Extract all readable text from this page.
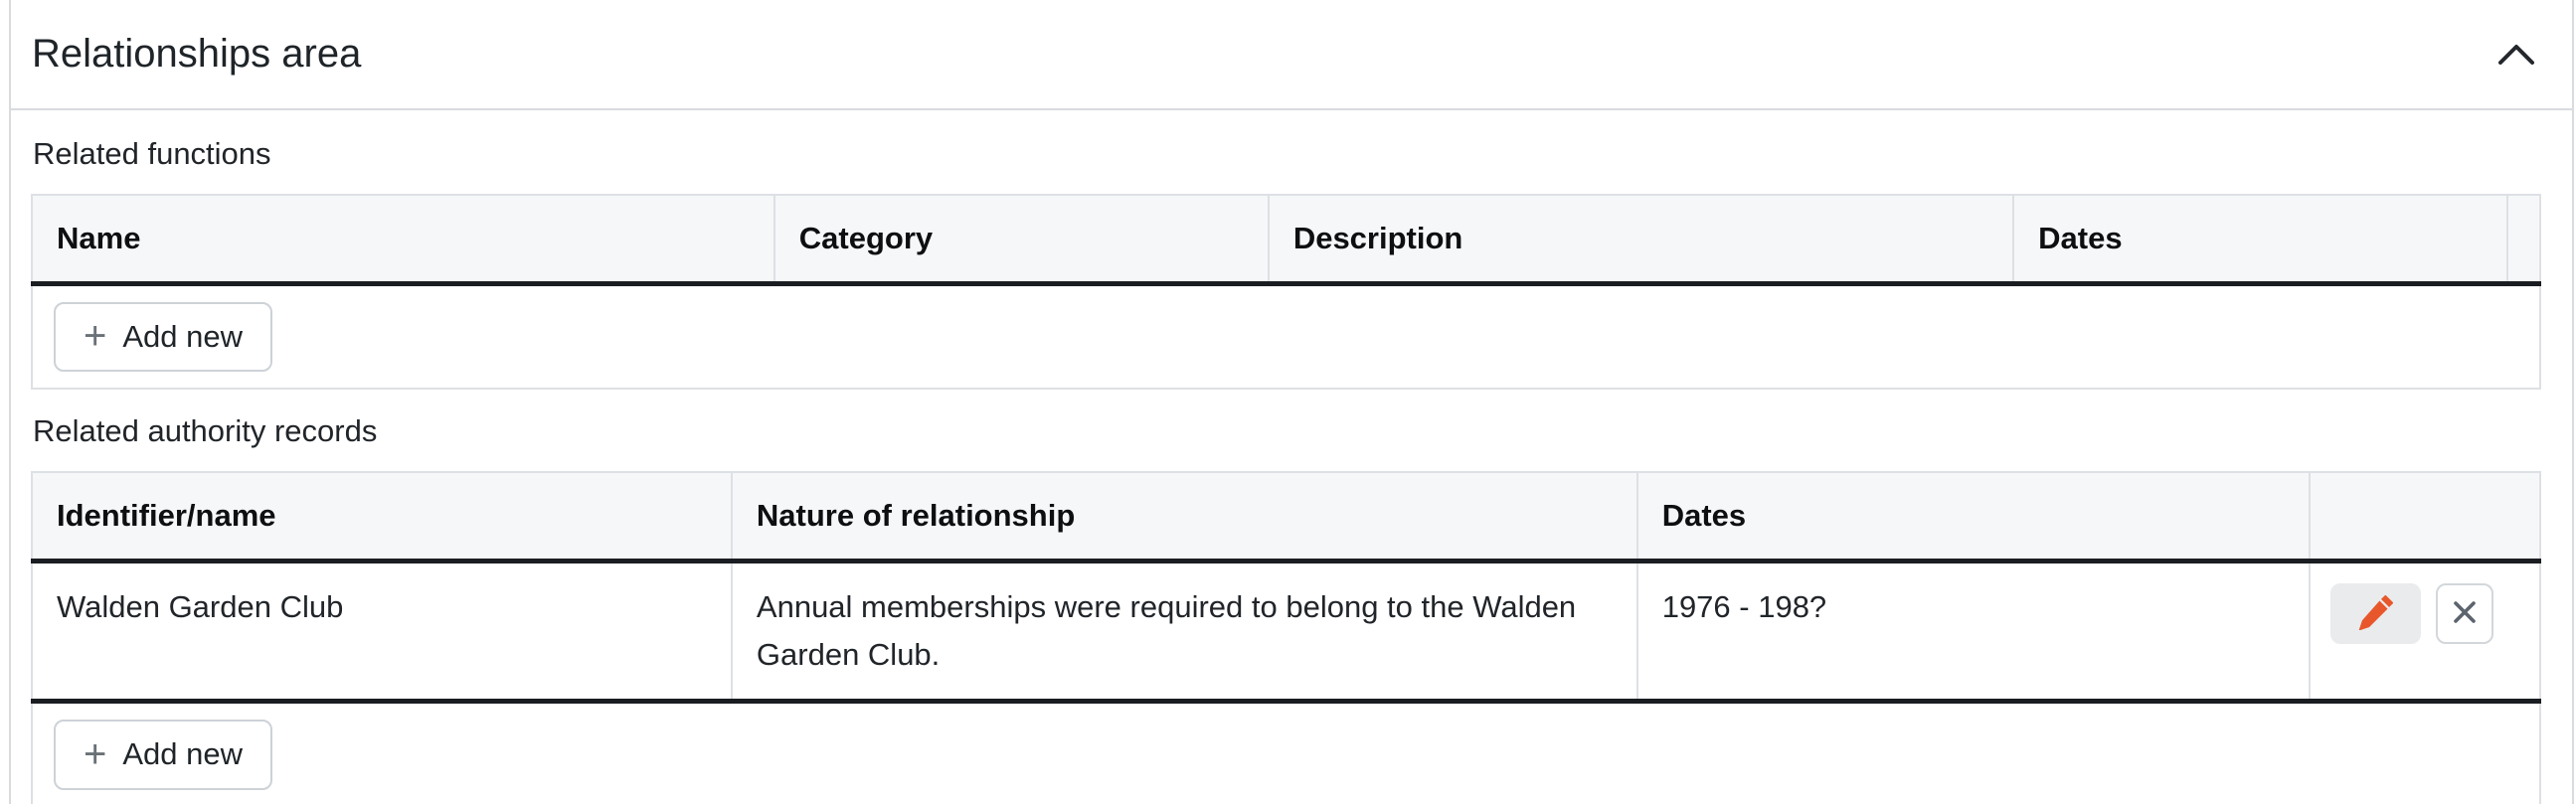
Relationships area
Related functions
Name	Category	Description	Dates	

+ Add new
Related authority records
Identifier/name	Nature of relationship	Dates	
Walden Garden Club	Annual memberships were required to belong to the Walden Garden Club.	1976 - 198?	

+ Add new			
